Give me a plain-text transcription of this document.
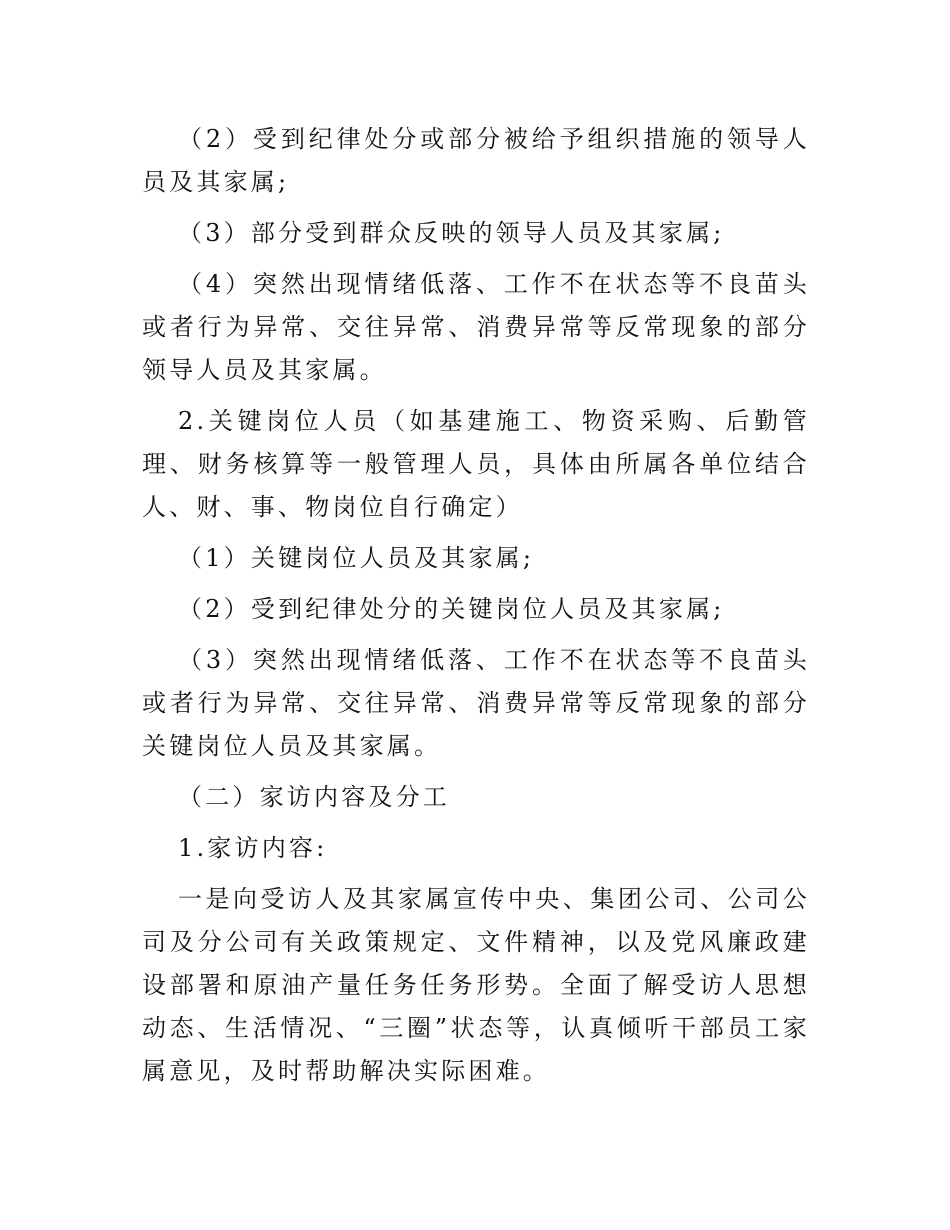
（2）受到纪律处分或部分被给予组织措施的领导人员及其家属;

（3）部分受到群众反映的领导人员及其家属;

（4）突然出现情绪低落、工作不在状态等不良苗头或者行为异常、交往异常、消费异常等反常现象的部分领导人员及其家属。

2.关键岗位人员（如基建施工、物资采购、后勤管理、财务核算等一般管理人员，具体由所属各单位结合人、财、事、物岗位自行确定）

（1）关键岗位人员及其家属;

（2）受到纪律处分的关键岗位人员及其家属;

（3）突然出现情绪低落、工作不在状态等不良苗头或者行为异常、交往异常、消费异常等反常现象的部分关键岗位人员及其家属。

（二）家访内容及分工

1.家访内容:

一是向受访人及其家属宣传中央、集团公司、公司公司及分公司有关政策规定、文件精神，以及党风廉政建设部署和原油产量任务任务形势。全面了解受访人思想动态、生活情况、“三圈”状态等，认真倾听干部员工家属意见，及时帮助解决实际困难。
